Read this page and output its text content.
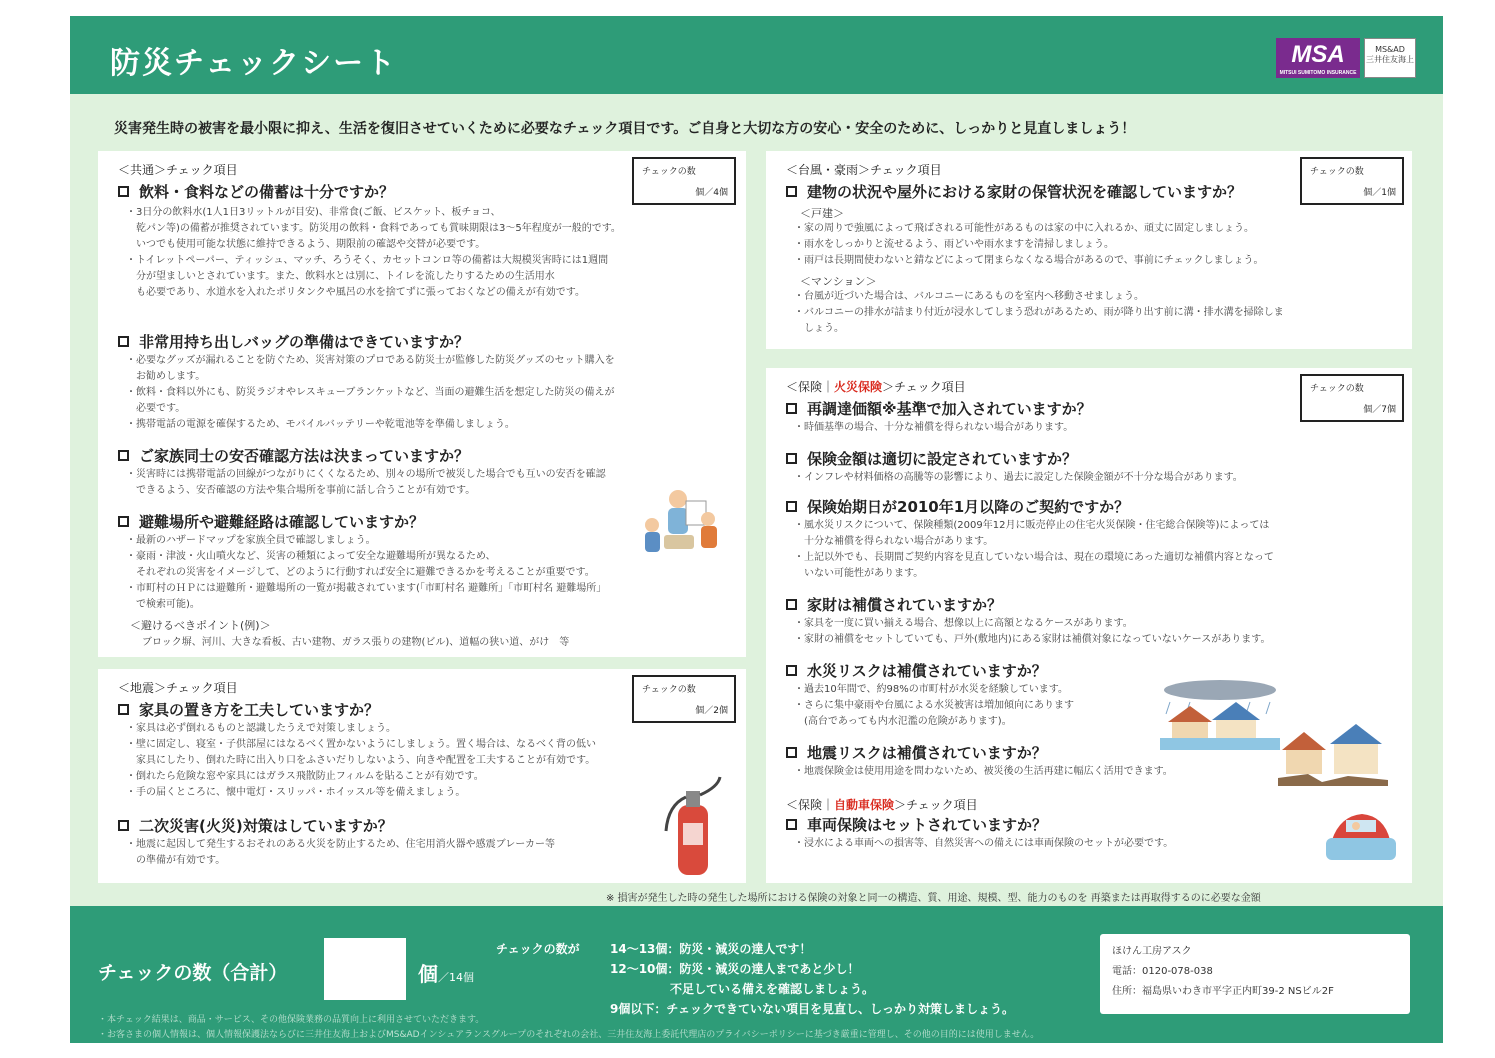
防災チェックシート	MSA
MITSUI SUMITOMO INSURANCE
MS&AD
三井住友海上
災害発生時の被害を最小限に抑え、生活を復旧させていくために必要なチェック項目です。ご自身と大切な方の安心・安全のために、しっかりと見直しましょう！
＜共通＞チェック項目	チェックの数
個／4個
飲料・食料などの備蓄は十分ですか？
・3日分の飲料水(1人1日3リットルが目安)、非常食(ご飯、ビスケット、板チョコ、
　乾パン等)の備蓄が推奨されています。防災用の飲料・食料であっても賞味期限は3～5年程度が一般的です。
　いつでも使用可能な状態に維持できるよう、期限前の確認や交替が必要です。
・トイレットペーパー、ティッシュ、マッチ、ろうそく、カセットコンロ等の備蓄は大規模災害時には1週間
　分が望ましいとされています。また、飲料水とは別に、トイレを流したりするための生活用水
　も必要であり、水道水を入れたポリタンクや風呂の水を捨てずに張っておくなどの備えが有効です。
非常用持ち出しバッグの準備はできていますか？
・必要なグッズが漏れることを防ぐため、災害対策のプロである防災士が監修した防災グッズのセット購入を
　お勧めします。
・飲料・食料以外にも、防災ラジオやレスキューブランケットなど、当面の避難生活を想定した防災の備えが
　必要です。
・携帯電話の電源を確保するため、モバイルバッテリーや乾電池等を準備しましょう。
ご家族同士の安否確認方法は決まっていますか？
・災害時には携帯電話の回線がつながりにくくなるため、別々の場所で被災した場合でも互いの安否を確認
　できるよう、安否確認の方法や集合場所を事前に話し合うことが有効です。
避難場所や避難経路は確認していますか？
・最新のハザードマップを家族全員で確認しましょう。
・豪雨・津波・火山噴火など、災害の種類によって安全な避難場所が異なるため、
　それぞれの災害をイメージして、どのように行動すれば安全に避難できるかを考えることが重要です。
・市町村のＨＰには避難所・避難場所の一覧が掲載されています(「市町村名 避難所」「市町村名 避難場所」
　で検索可能)。
＜避けるべきポイント(例)＞
ブロック塀、河川、大きな看板、古い建物、ガラス張りの建物(ビル)、道幅の狭い道、がけ　等
＜地震＞チェック項目	チェックの数
個／2個
家具の置き方を工夫していますか？
・家具は必ず倒れるものと認識したうえで対策しましょう。
・壁に固定し、寝室・子供部屋にはなるべく置かないようにしましょう。置く場合は、なるべく背の低い
　家具にしたり、倒れた時に出入り口をふさいだりしないよう、向きや配置を工夫することが有効です。
・倒れたら危険な窓や家具にはガラス飛散防止フィルムを貼ることが有効です。
・手の届くところに、懐中電灯・スリッパ・ホイッスル等を備えましょう。
二次災害(火災)対策はしていますか？
・地震に起因して発生するおそれのある火災を防止するため、住宅用消火器や感震ブレーカー等
　の準備が有効です。
＜台風・豪雨＞チェック項目	チェックの数
個／1個
建物の状況や屋外における家財の保管状況を確認していますか？
＜戸建＞
・家の周りで強風によって飛ばされる可能性があるものは家の中に入れるか、頑丈に固定しましょう。
・雨水をしっかりと流せるよう、雨どいや雨水ますを清掃しましょう。
・雨戸は長期間使わないと錆などによって閉まらなくなる場合があるので、事前にチェックしましょう。
＜マンション＞
・台風が近づいた場合は、バルコニーにあるものを室内へ移動させましょう。
・バルコニーの排水が詰まり付近が浸水してしまう恐れがあるため、雨が降り出す前に溝・排水溝を掃除しま
　しょう。
＜保険｜火災保険＞チェック項目	チェックの数
個／7個
再調達価額※基準で加入されていますか？
・時価基準の場合、十分な補償を得られない場合があります。
保険金額は適切に設定されていますか？
・インフレや材料価格の高騰等の影響により、過去に設定した保険金額が不十分な場合があります。
保険始期日が2010年1月以降のご契約ですか？
・風水災リスクについて、保険種類(2009年12月に販売停止の住宅火災保険・住宅総合保険等)によっては
　十分な補償を得られない場合があります。
・上記以外でも、長期間ご契約内容を見直していない場合は、現在の環境にあった適切な補償内容となって
　いない可能性があります。
家財は補償されていますか？
・家具を一度に買い揃える場合、想像以上に高額となるケースがあります。
・家財の補償をセットしていても、戸外(敷地内)にある家財は補償対象になっていないケースがあります。
水災リスクは補償されていますか？
・過去10年間で、約98%の市町村が水災を経験しています。
・さらに集中豪雨や台風による水災被害は増加傾向にあります
　(高台であっても内水氾濫の危険があります)。
地震リスクは補償されていますか？
・地震保険金は使用用途を問わないため、被災後の生活再建に幅広く活用できます。
＜保険｜自動車保険＞チェック項目
車両保険はセットされていますか？
・浸水による車両への損害等、自然災害への備えには車両保険のセットが必要です。
※ 損害が発生した時の発生した場所における保険の対象と同一の構造、質、用途、規模、型、能力のものを 再築または再取得するのに必要な金額
チェックの数（合計）	個／14個
チェックの数が	14～13個：防災・減災の達人です！
12～10個：防災・減災の達人まであと少し！
　　　　　不足している備えを確認しましょう。
9個以下：チェックできていない項目を見直し、しっかり対策しましょう。
ほけん工房アスク
電話：0120-078-038
住所：福島県いわき市平字正内町39-2 NSビル2F
・本チェック結果は、商品・サービス、その他保険業務の品質向上に利用させていただきます。
・お客さまの個人情報は、個人情報保護法ならびに三井住友海上およびMS&ADインシュアランスグループのそれぞれの会社、三井住友海上委託代理店のプライバシーポリシーに基づき厳重に管理し、その他の目的には使用しません。
